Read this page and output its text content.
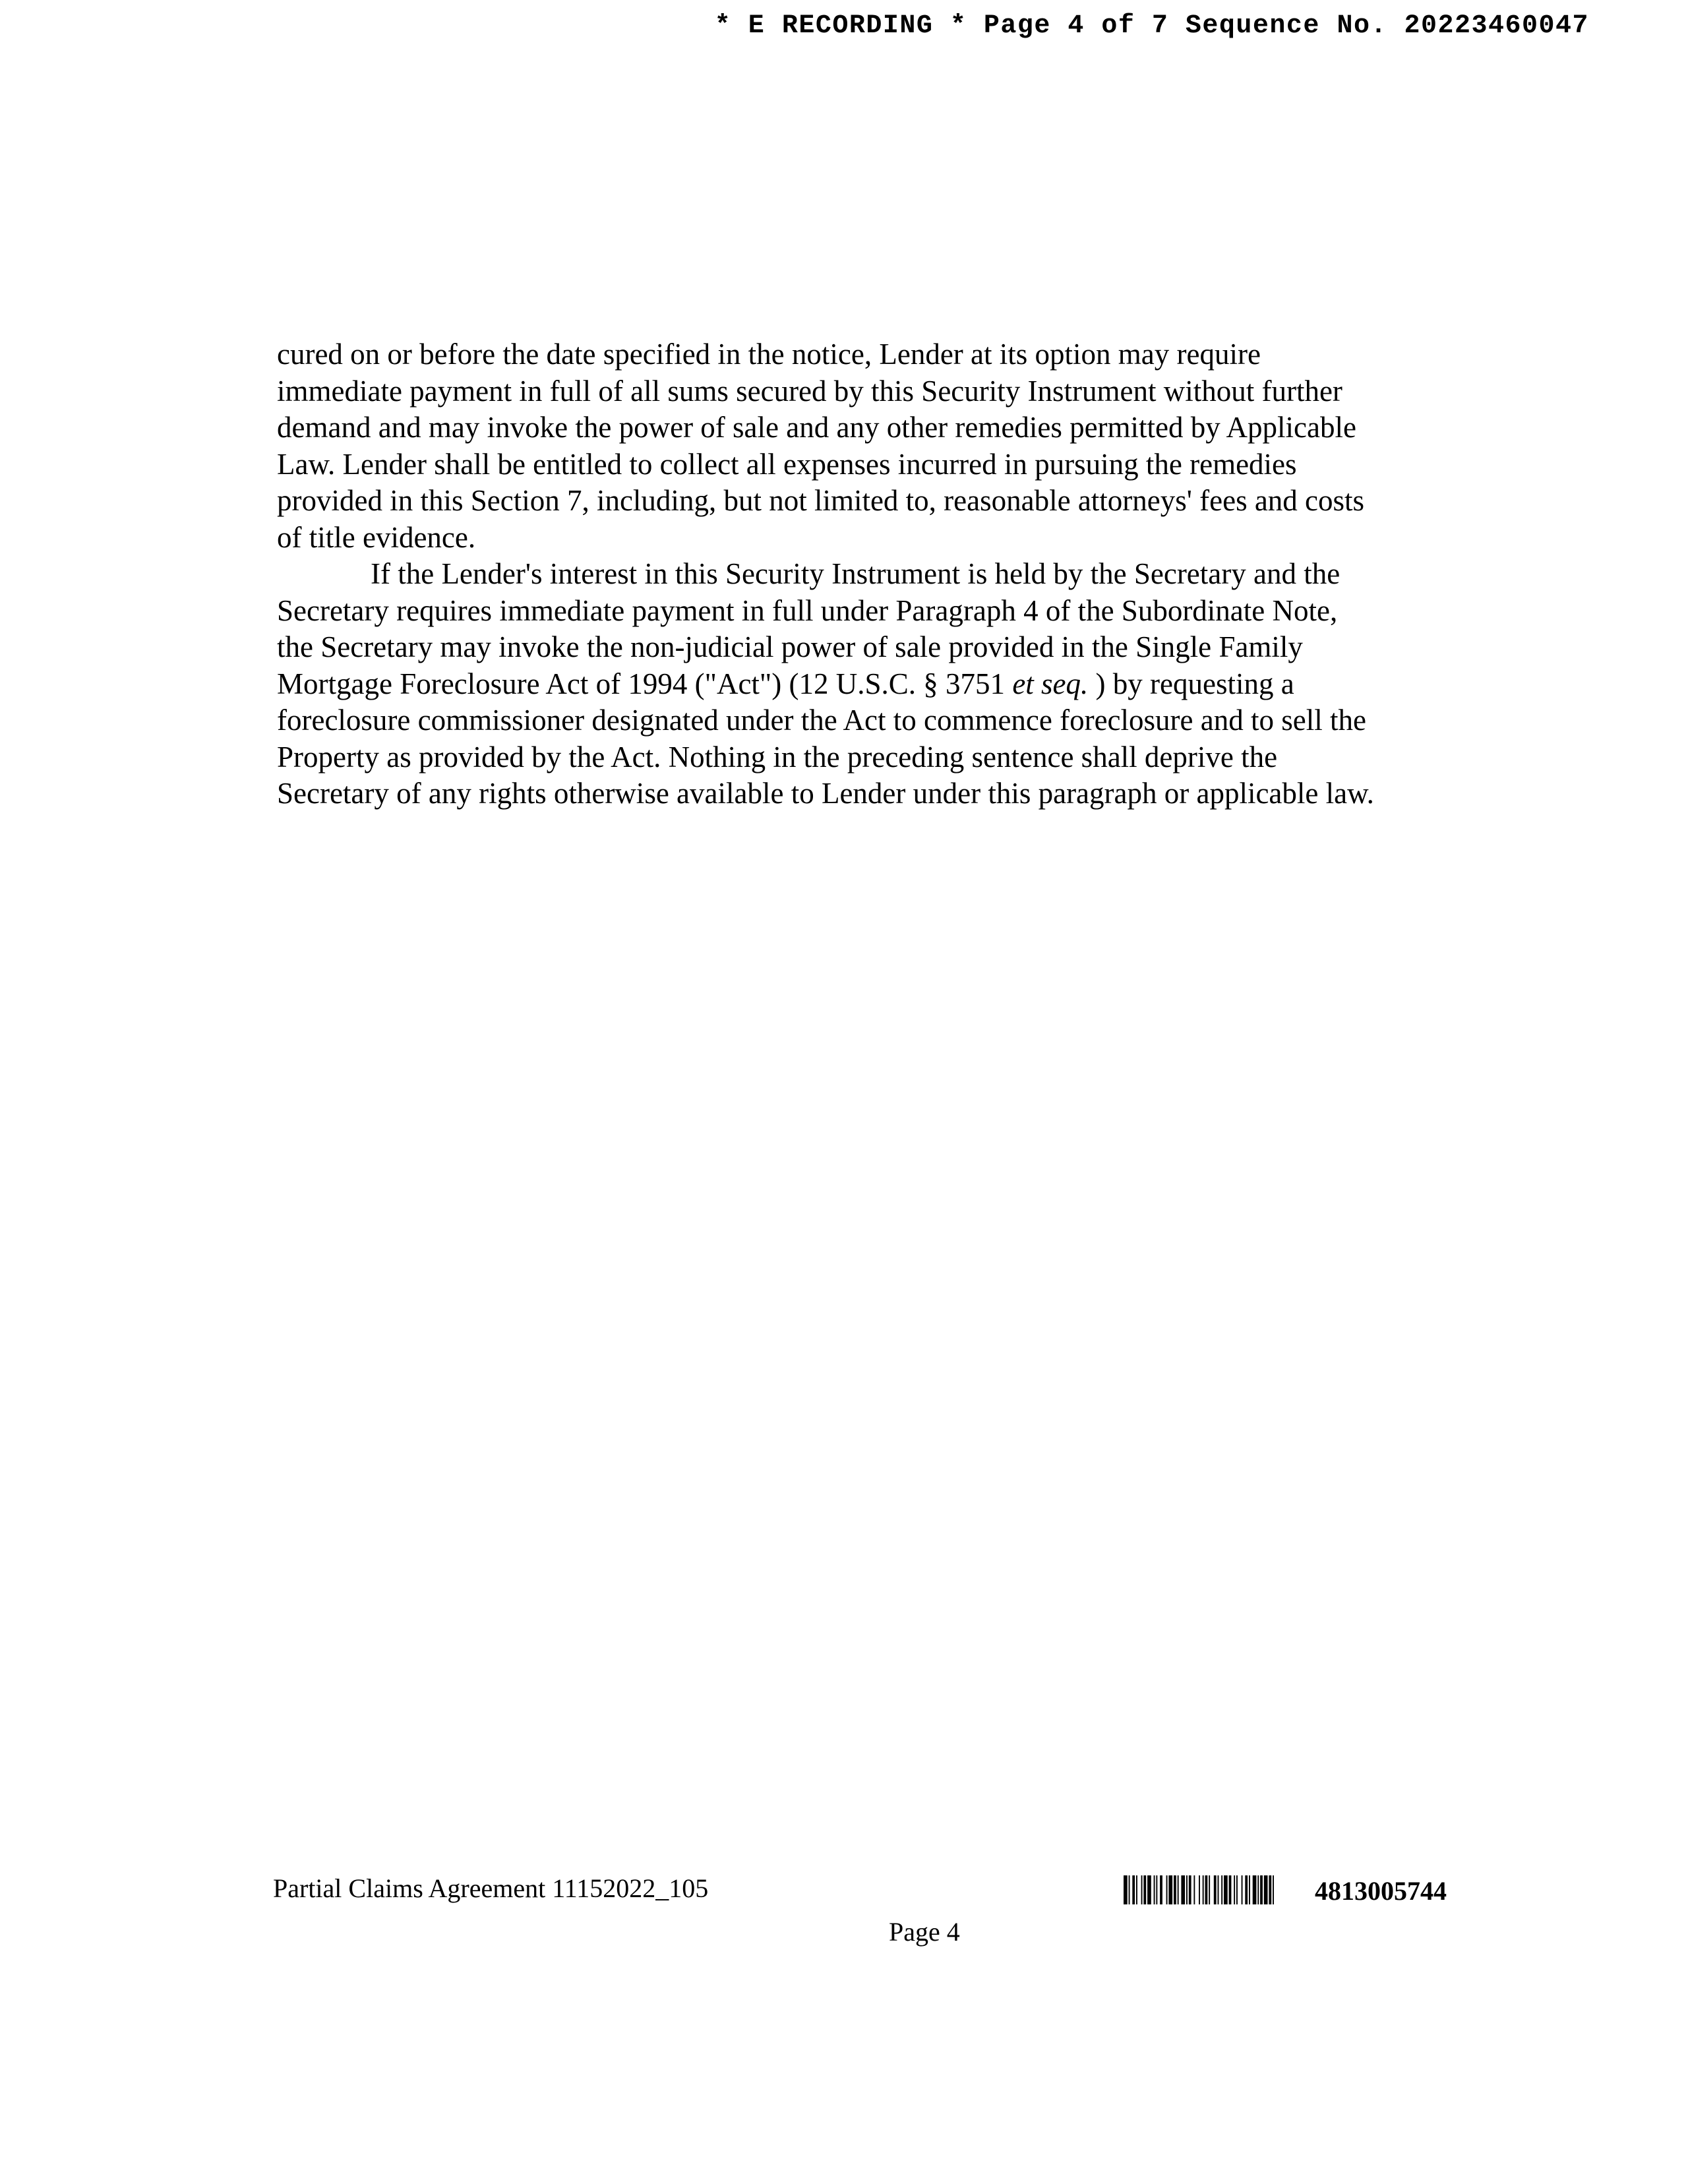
* E RECORDING * Page 4 of 7 Sequence No. 20223460047
cured on or before the date specified in the notice, Lender at its option may require
immediate payment in full of all sums secured by this Security Instrument without further
demand and may invoke the power of sale and any other remedies permitted by Applicable
Law. Lender shall be entitled to collect all expenses incurred in pursuing the remedies
provided in this Section 7, including, but not limited to, reasonable attorneys' fees and costs
of title evidence.
If the Lender's interest in this Security Instrument is held by the Secretary and the
Secretary requires immediate payment in full under Paragraph 4 of the Subordinate Note,
the Secretary may invoke the non-judicial power of sale provided in the Single Family
Mortgage Foreclosure Act of 1994 ("Act") (12 U.S.C. § 3751 et seq. ) by requesting a
foreclosure commissioner designated under the Act to commence foreclosure and to sell the
Property as provided by the Act. Nothing in the preceding sentence shall deprive the
Secretary of any rights otherwise available to Lender under this paragraph or applicable law.
Partial Claims Agreement 11152022_105
Page 4
4813005744
